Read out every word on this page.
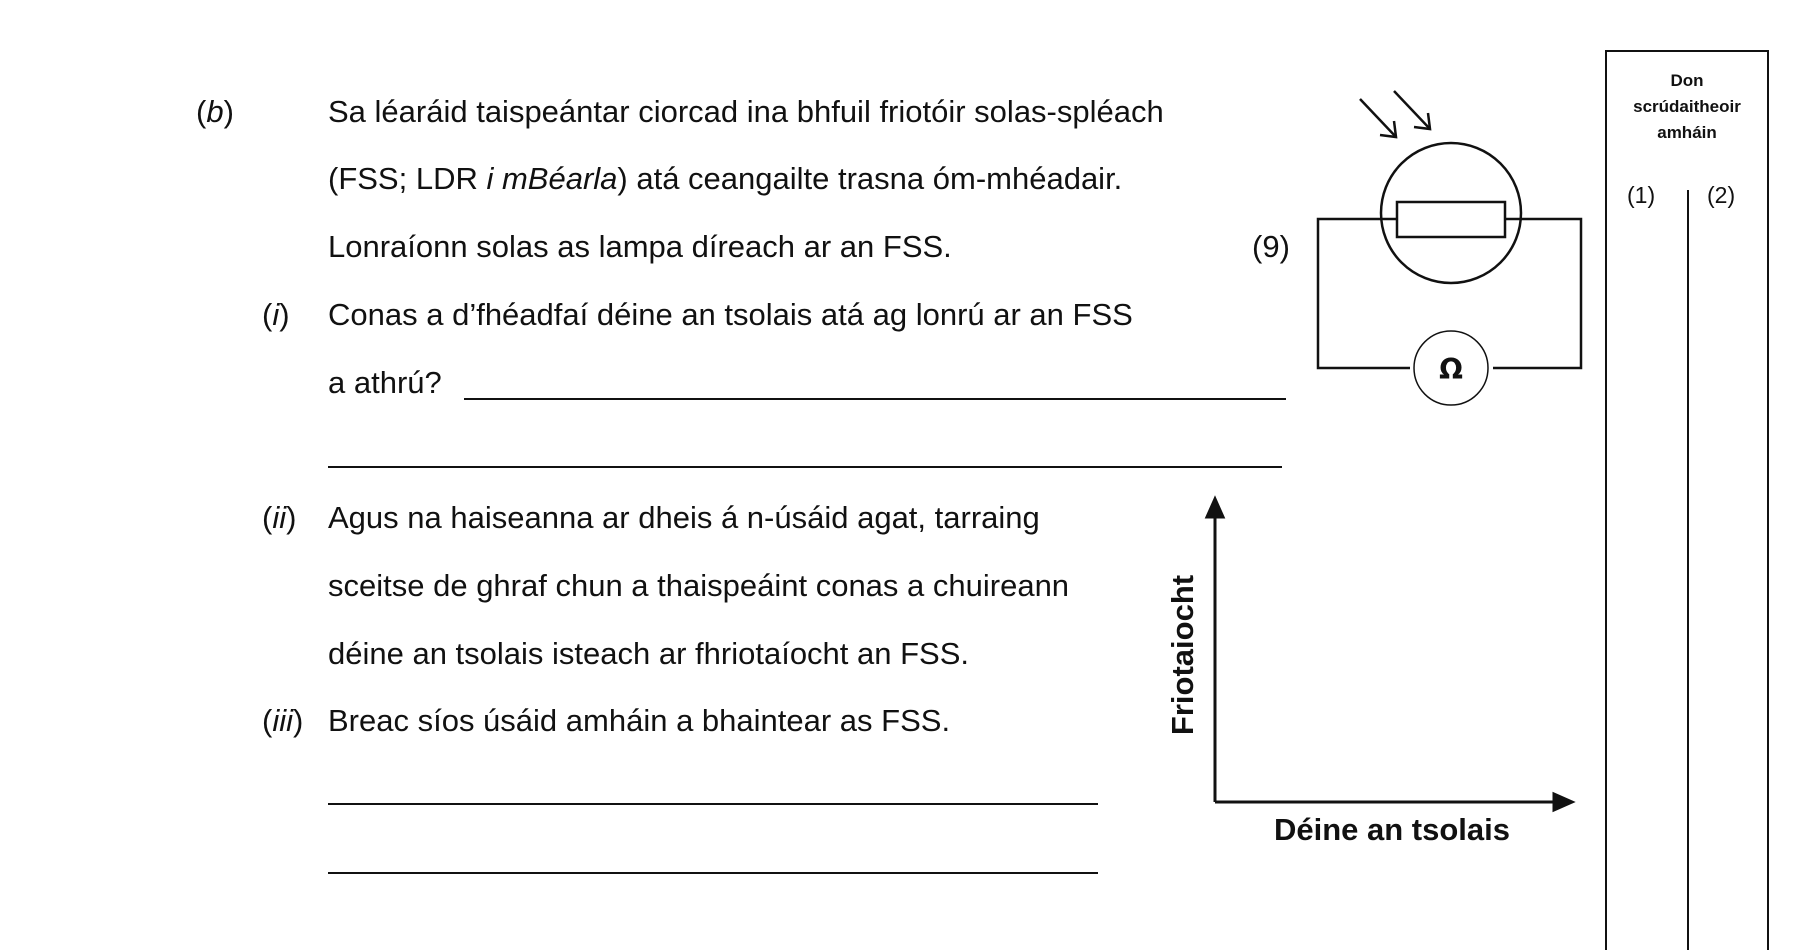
(b)	Sa léaráid taispeántar ciorcad ina bhfuil friotóir solas-spléach
(FSS; LDR i mBéarla) atá ceangailte trasna óm-mhéadair.
Lonraíonn solas as lampa díreach ar an FSS.	(9)
(i) Conas a d’fhéadfaí déine an tsolais atá ag lonrú ar an FSS
a athrú?
(ii) Agus na haiseanna ar dheis á n-úsáid agat, tarraing
sceitse de ghraf chun a thaispeáint conas a chuireann
déine an tsolais isteach ar fhriotaíocht an FSS.
(iii) Breac síos úsáid amháin a bhaintear as FSS.
Ω
Friotaiocht
Déine an tsolais
Don
scrúdaitheoir
amháin
(1) (2)
